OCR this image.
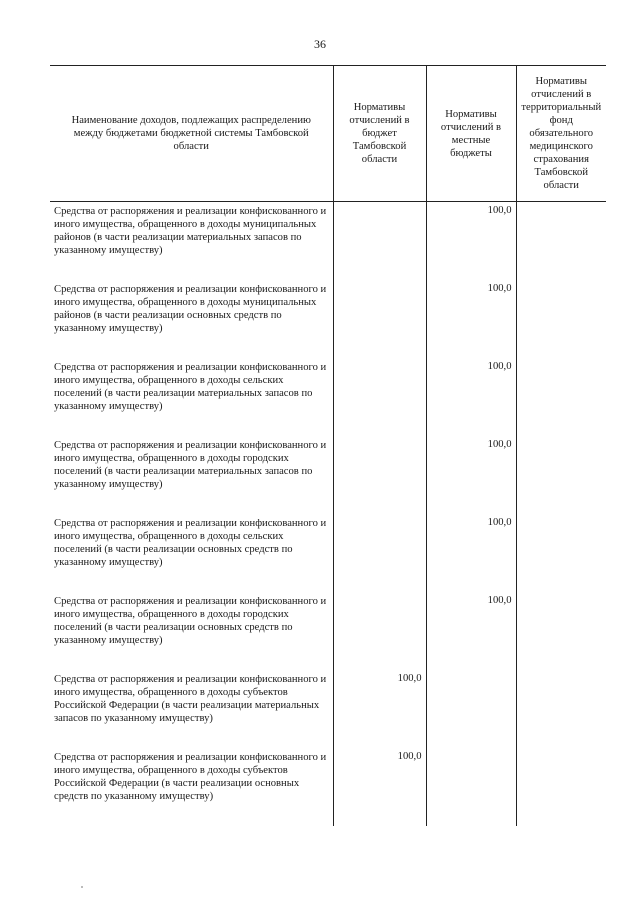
36
Наименование доходов, подлежащих распределению между бюджетами бюджетной системы Тамбовской области	Нормативы отчислений в бюджет Тамбовской области	Нормативы отчислений в местные бюджеты	Нормативы отчислений в территориальный фонд обязательного медицинского страхования Тамбовской области
Средства от распоряжения и реализации конфискованного и иного имущества, обращенного в доходы муниципальных районов (в части реализации материальных запасов по указанному имуществу)		100,0	
Средства от распоряжения и реализации конфискованного и иного имущества, обращенного в доходы муниципальных районов (в части реализации основных средств по указанному имуществу)		100,0	
Средства от распоряжения и реализации конфискованного и иного имущества, обращенного в доходы сельских поселений (в части реализации материальных запасов по указанному имуществу)		100,0	
Средства от распоряжения и реализации конфискованного и иного имущества, обращенного в доходы городских поселений (в части реализации материальных запасов по указанному имуществу)		100,0	
Средства от распоряжения и реализации конфискованного и иного имущества, обращенного в доходы сельских поселений (в части реализации основных средств по указанному имуществу)		100,0	
Средства от распоряжения и реализации конфискованного и иного имущества, обращенного в доходы городских поселений (в части реализации основных средств по указанному имуществу)		100,0	
Средства от распоряжения и реализации конфискованного и иного имущества, обращенного в доходы субъектов Российской Федерации (в части реализации материальных запасов по указанному имуществу)	100,0		
Средства от распоряжения и реализации конфискованного и иного имущества, обращенного в доходы субъектов Российской Федерации (в части реализации основных средств по указанному имуществу)	100,0		
